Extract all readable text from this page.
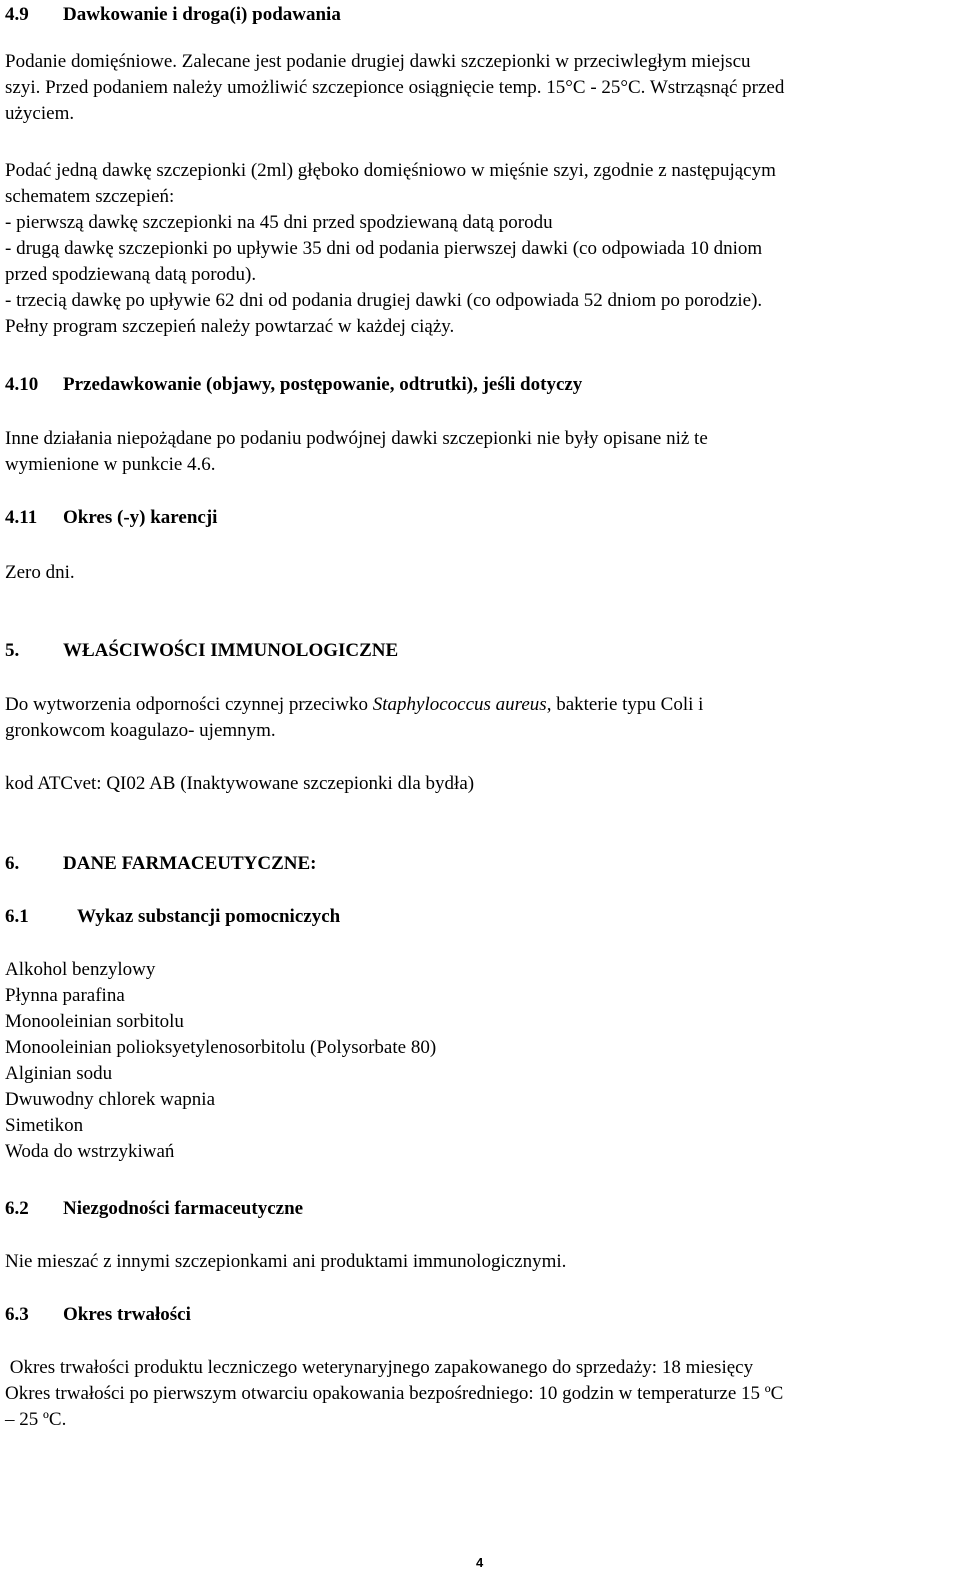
4.9 Dawkowanie i droga(i) podawania
Podanie domięśniowe. Zalecane jest podanie drugiej dawki szczepionki w przeciwległym miejscu
szyi. Przed podaniem należy umożliwić szczepionce osiągnięcie temp. 15°C - 25°C. Wstrząsnąć przed
użyciem.
Podać jedną dawkę szczepionki (2ml) głęboko domięśniowo w mięśnie szyi, zgodnie z następującym
schematem szczepień:
- pierwszą dawkę szczepionki na 45 dni przed spodziewaną datą porodu
- drugą dawkę szczepionki po upływie 35 dni od podania pierwszej dawki (co odpowiada 10 dniom
przed spodziewaną datą porodu).
- trzecią dawkę po upływie 62 dni od podania drugiej dawki (co odpowiada 52 dniom po porodzie).
Pełny program szczepień należy powtarzać w każdej ciąży.
4.10 Przedawkowanie (objawy, postępowanie, odtrutki), jeśli dotyczy
Inne działania niepożądane po podaniu podwójnej dawki szczepionki nie były opisane niż te
wymienione w punkcie 4.6.
4.11 Okres (-y) karencji
Zero dni.
5. WŁAŚCIWOŚCI IMMUNOLOGICZNE
Do wytworzenia odporności czynnej przeciwko Staphylococcus aureus, bakterie typu Coli i
gronkowcom koagulazo- ujemnym.
kod ATCvet: QI02 AB (Inaktywowane szczepionki dla bydła)
6. DANE FARMACEUTYCZNE:
6.1	Wykaz substancji pomocniczych
Alkohol benzylowy
Płynna parafina
Monooleinian sorbitolu
Monooleinian polioksyetylenosorbitolu (Polysorbate 80)
Alginian sodu
Dwuwodny chlorek wapnia
Simetikon
Woda do wstrzykiwań
6.2 Niezgodności farmaceutyczne
Nie mieszać z innymi szczepionkami ani produktami immunologicznymi.
6.3 Okres trwałości
Okres trwałości produktu leczniczego weterynaryjnego zapakowanego do sprzedaży: 18 miesięcy
Okres trwałości po pierwszym otwarciu opakowania bezpośredniego: 10 godzin w temperaturze 15 ºC
– 25 ºC.
4
